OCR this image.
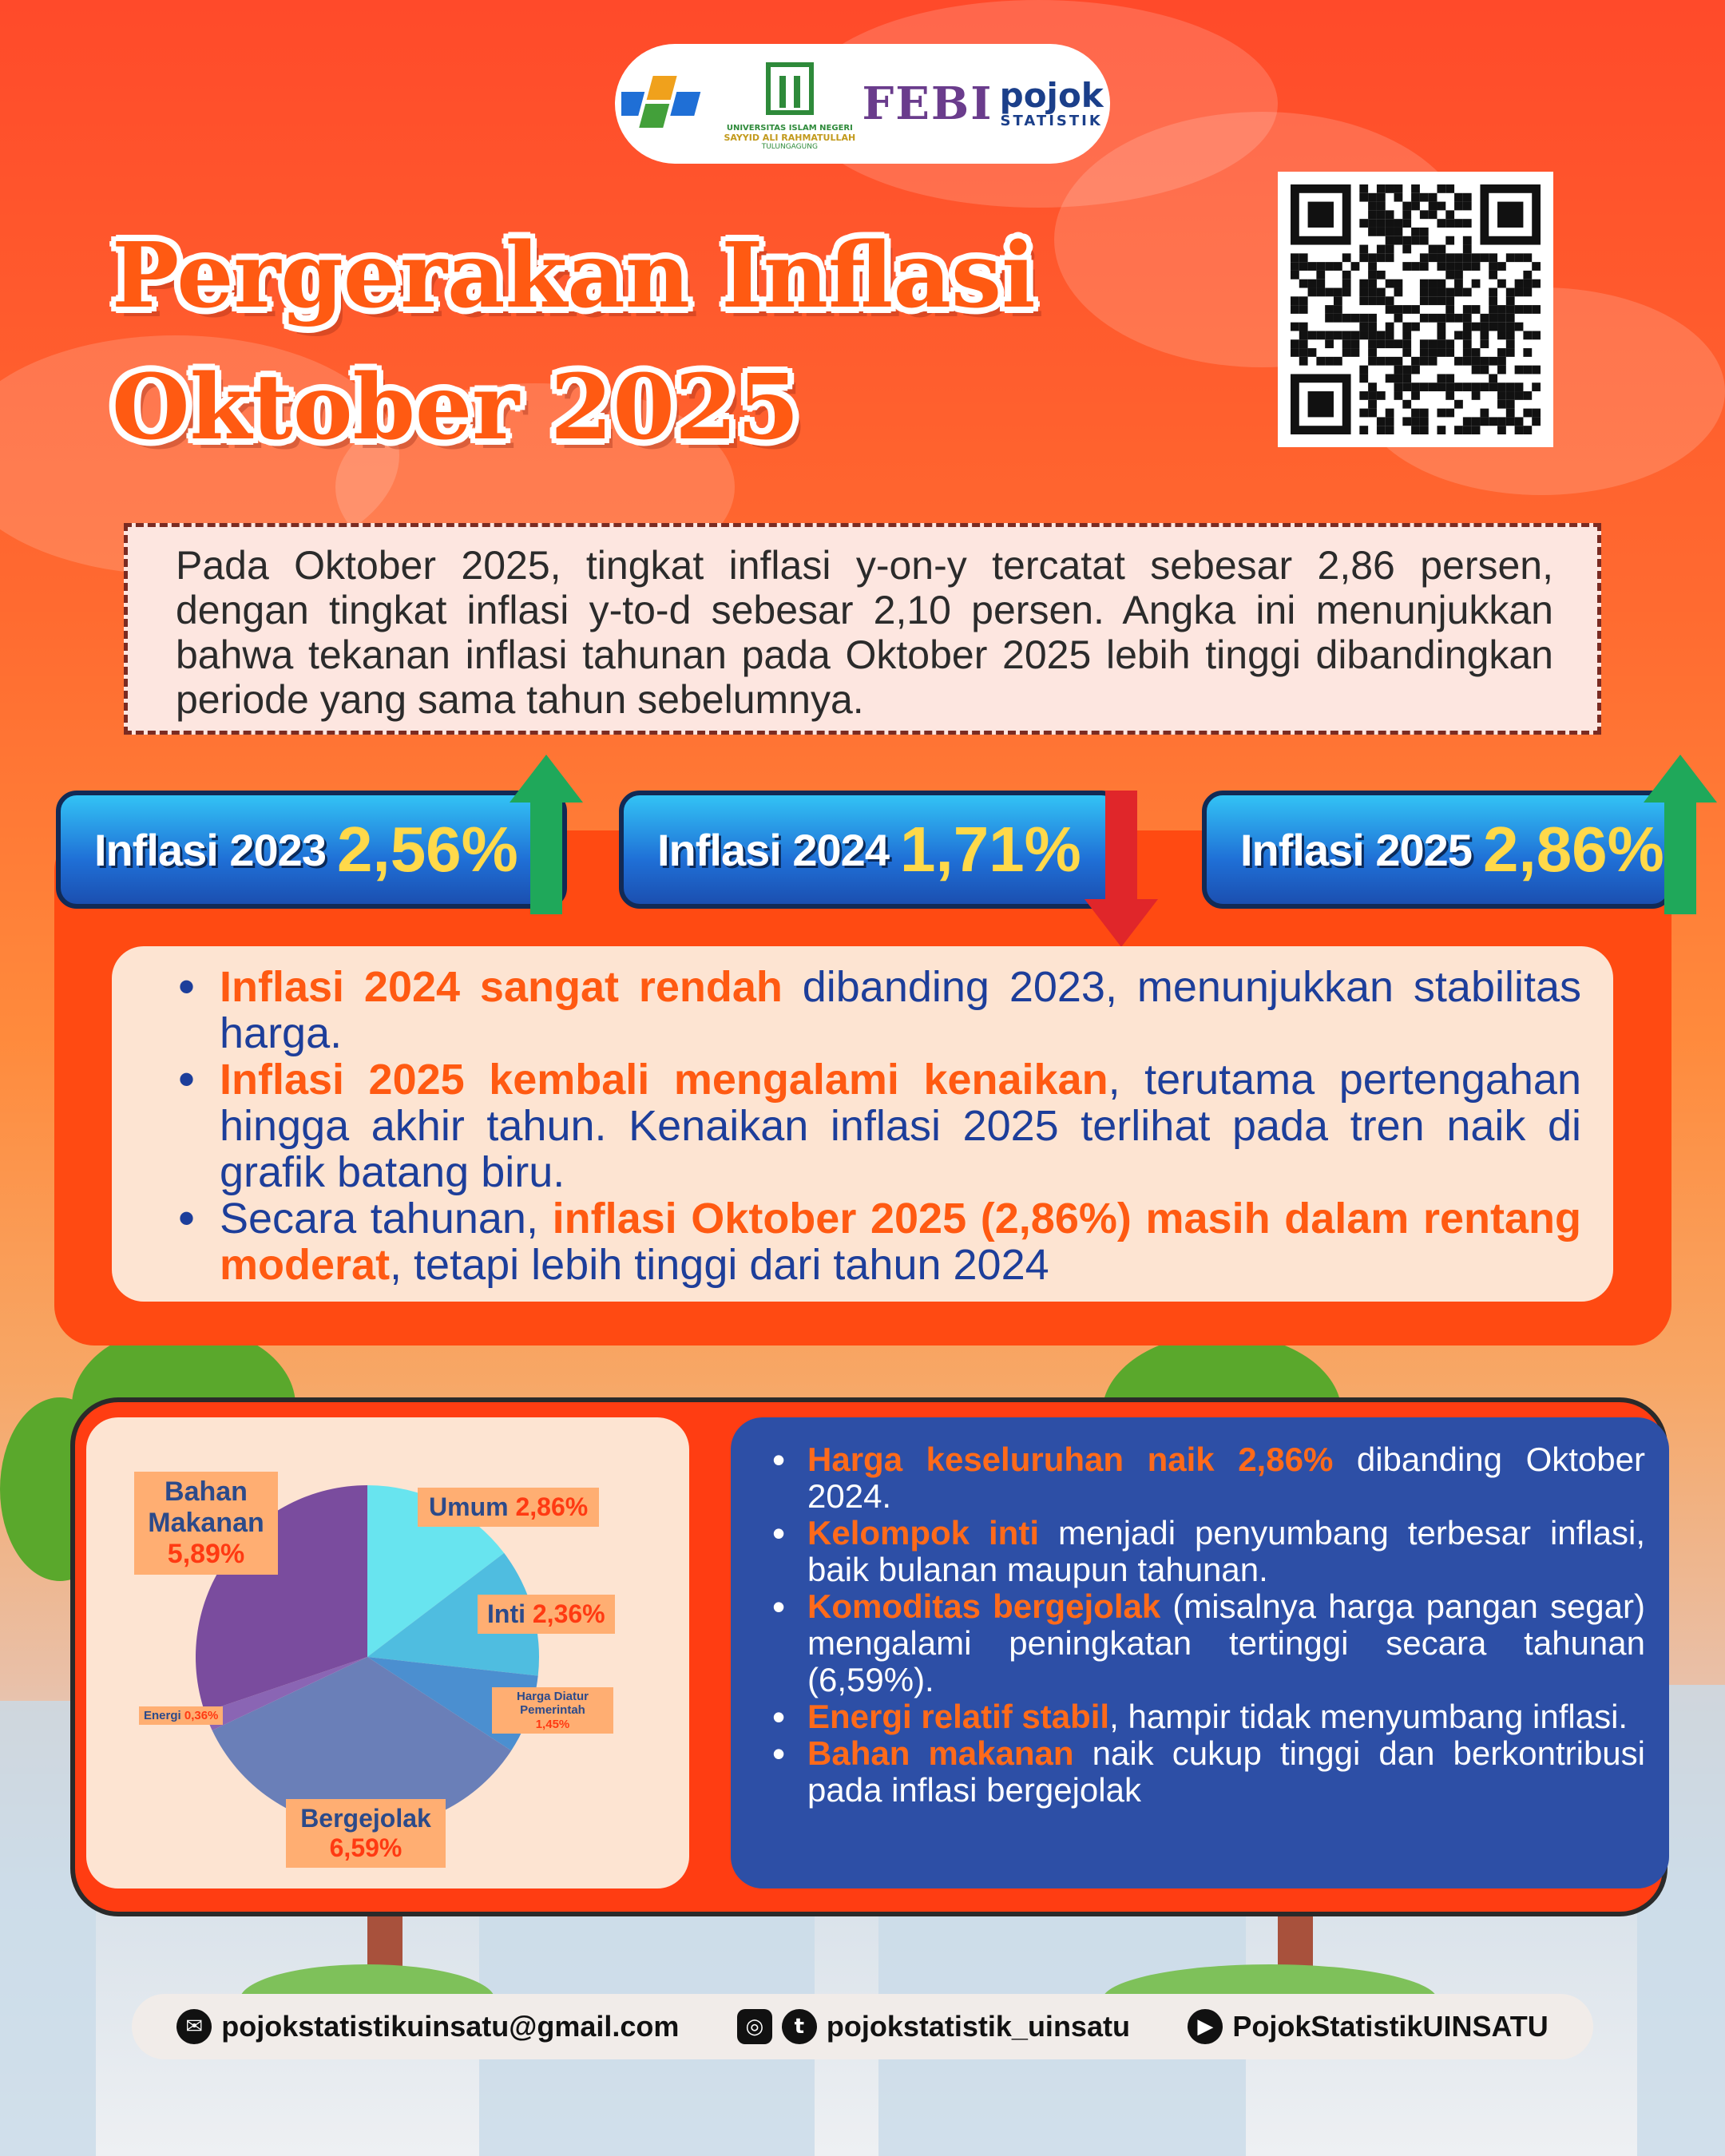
UNIVERSITAS ISLAM NEGERI
SAYYID ALI RAHMATULLAH
TULUNGAGUNG
FEBI pojok
STATISTIK
Pergerakan Inflasi
Oktober 2025

Pada Oktober 2025, tingkat inflasi y-on-y tercatat sebesar 2,86 persen, dengan tingkat inflasi y-to-d sebesar 2,10 persen. Angka ini menunjukkan bahwa tekanan inflasi tahunan pada Oktober 2025 lebih tinggi dibandingkan periode yang sama tahun sebelumnya.

Inflasi 2023 2,56%	Inflasi 2024 1,71%	Inflasi 2025 2,86%
• Inflasi 2024 sangat rendah dibanding 2023, menunjukkan stabilitas harga.
• Inflasi 2025 kembali mengalami kenaikan, terutama pertengahan hingga akhir tahun. Kenaikan inflasi 2025 terlihat pada tren naik di grafik batang biru.
• Secara tahunan, inflasi Oktober 2025 (2,86%) masih dalam rentang moderat, tetapi lebih tinggi dari tahun 2024
Bahan Makanan
5,89%
Umum 2,86%
Inti 2,36%
Harga Diatur Pemerintah
1,45%
Energi 0,36%
Bergejolak
6,59%
• Harga keseluruhan naik 2,86% dibanding Oktober 2024.
• Kelompok inti menjadi penyumbang terbesar inflasi, baik bulanan maupun tahunan.
• Komoditas bergejolak (misalnya harga pangan segar) mengalami peningkatan tertinggi secara tahunan (6,59%).
• Energi relatif stabil, hampir tidak menyumbang inflasi.
• Bahan makanan naik cukup tinggi dan berkontribusi pada inflasi bergejolak
✉ pojokstatistikuinsatu@gmail.com	◎	t pojokstatistik_uinsatu	▶ PojokStatistikUINSATU
